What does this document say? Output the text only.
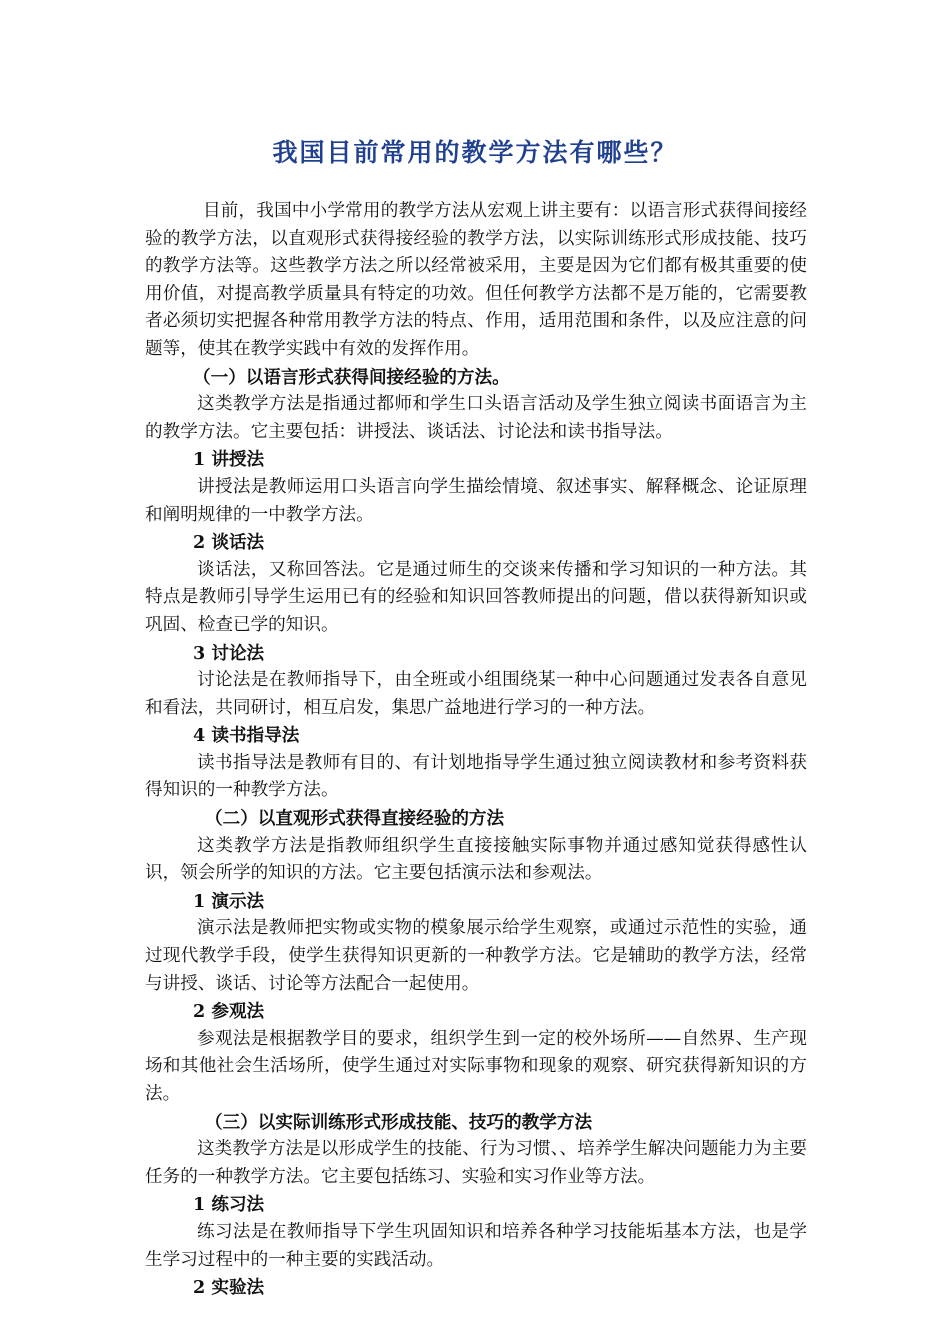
我国目前常用的教学方法有哪些？

目前，我国中小学常用的教学方法从宏观上讲主要有：以语言形式获得间接经验的教学方法，以直观形式获得接经验的教学方法，以实际训练形式形成技能、技巧的教学方法等。这些教学方法之所以经常被采用，主要是因为它们都有极其重要的使用价值，对提高教学质量具有特定的功效。但任何教学方法都不是万能的，它需要教者必须切实把握各种常用教学方法的特点、作用，适用范围和条件，以及应注意的问题等，使其在教学实践中有效的发挥作用。

（一）以语言形式获得间接经验的方法。

这类教学方法是指通过都师和学生口头语言活动及学生独立阅读书面语言为主的教学方法。它主要包括：讲授法、谈话法、讨论法和读书指导法。

1 讲授法

讲授法是教师运用口头语言向学生描绘情境、叙述事实、解释概念、论证原理和阐明规律的一中教学方法。

2 谈话法

谈话法，又称回答法。它是通过师生的交谈来传播和学习知识的一种方法。其特点是教师引导学生运用已有的经验和知识回答教师提出的问题，借以获得新知识或巩固、检查已学的知识。

3 讨论法

讨论法是在教师指导下，由全班或小组围绕某一种中心问题通过发表各自意见和看法，共同研讨，相互启发，集思广益地进行学习的一种方法。

4 读书指导法

读书指导法是教师有目的、有计划地指导学生通过独立阅读教材和参考资料获得知识的一种教学方法。

（二）以直观形式获得直接经验的方法

这类教学方法是指教师组织学生直接接触实际事物并通过感知觉获得感性认识，领会所学的知识的方法。它主要包括演示法和参观法。

1 演示法

演示法是教师把实物或实物的模象展示给学生观察，或通过示范性的实验，通过现代教学手段，使学生获得知识更新的一种教学方法。它是辅助的教学方法，经常与讲授、谈话、讨论等方法配合一起使用。

2 参观法

参观法是根据教学目的要求，组织学生到一定的校外场所——自然界、生产现场和其他社会生活场所，使学生通过对实际事物和现象的观察、研究获得新知识的方法。

（三）以实际训练形式形成技能、技巧的教学方法

这类教学方法是以形成学生的技能、行为习惯、、培养学生解决问题能力为主要任务的一种教学方法。它主要包括练习、实验和实习作业等方法。

1 练习法

练习法是在教师指导下学生巩固知识和培养各种学习技能垢基本方法，也是学生学习过程中的一种主要的实践活动。

2 实验法
